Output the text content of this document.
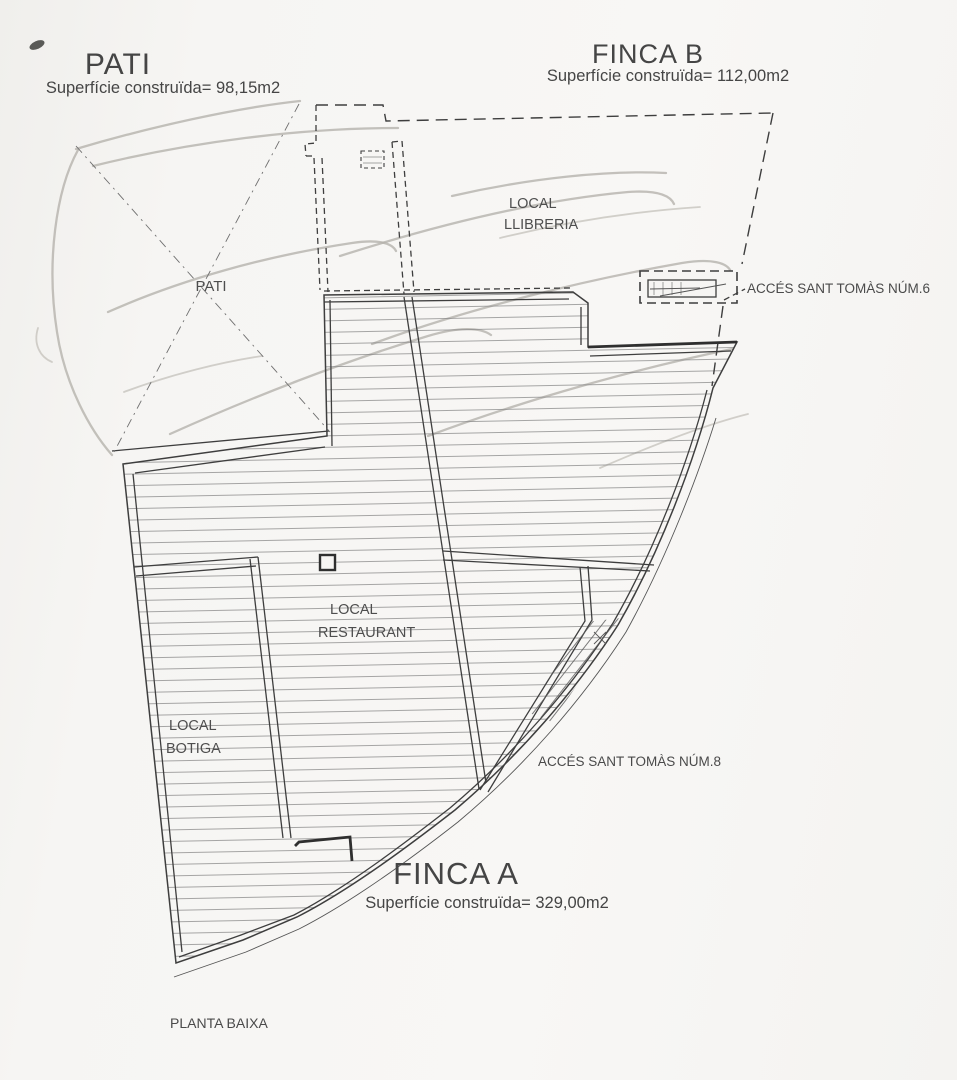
PATI
Superfície construïda= 98,15m2
FINCA B
Superfície construïda= 112,00m2
LOCAL
LLIBRERIA
ACCÉS SANT TOMÀS NÚM.6
PATI
LOCAL
RESTAURANT
LOCAL
BOTIGA
ACCÉS SANT TOMÀS NÚM.8
FINCA A
Superfície construïda= 329,00m2
PLANTA BAIXA
